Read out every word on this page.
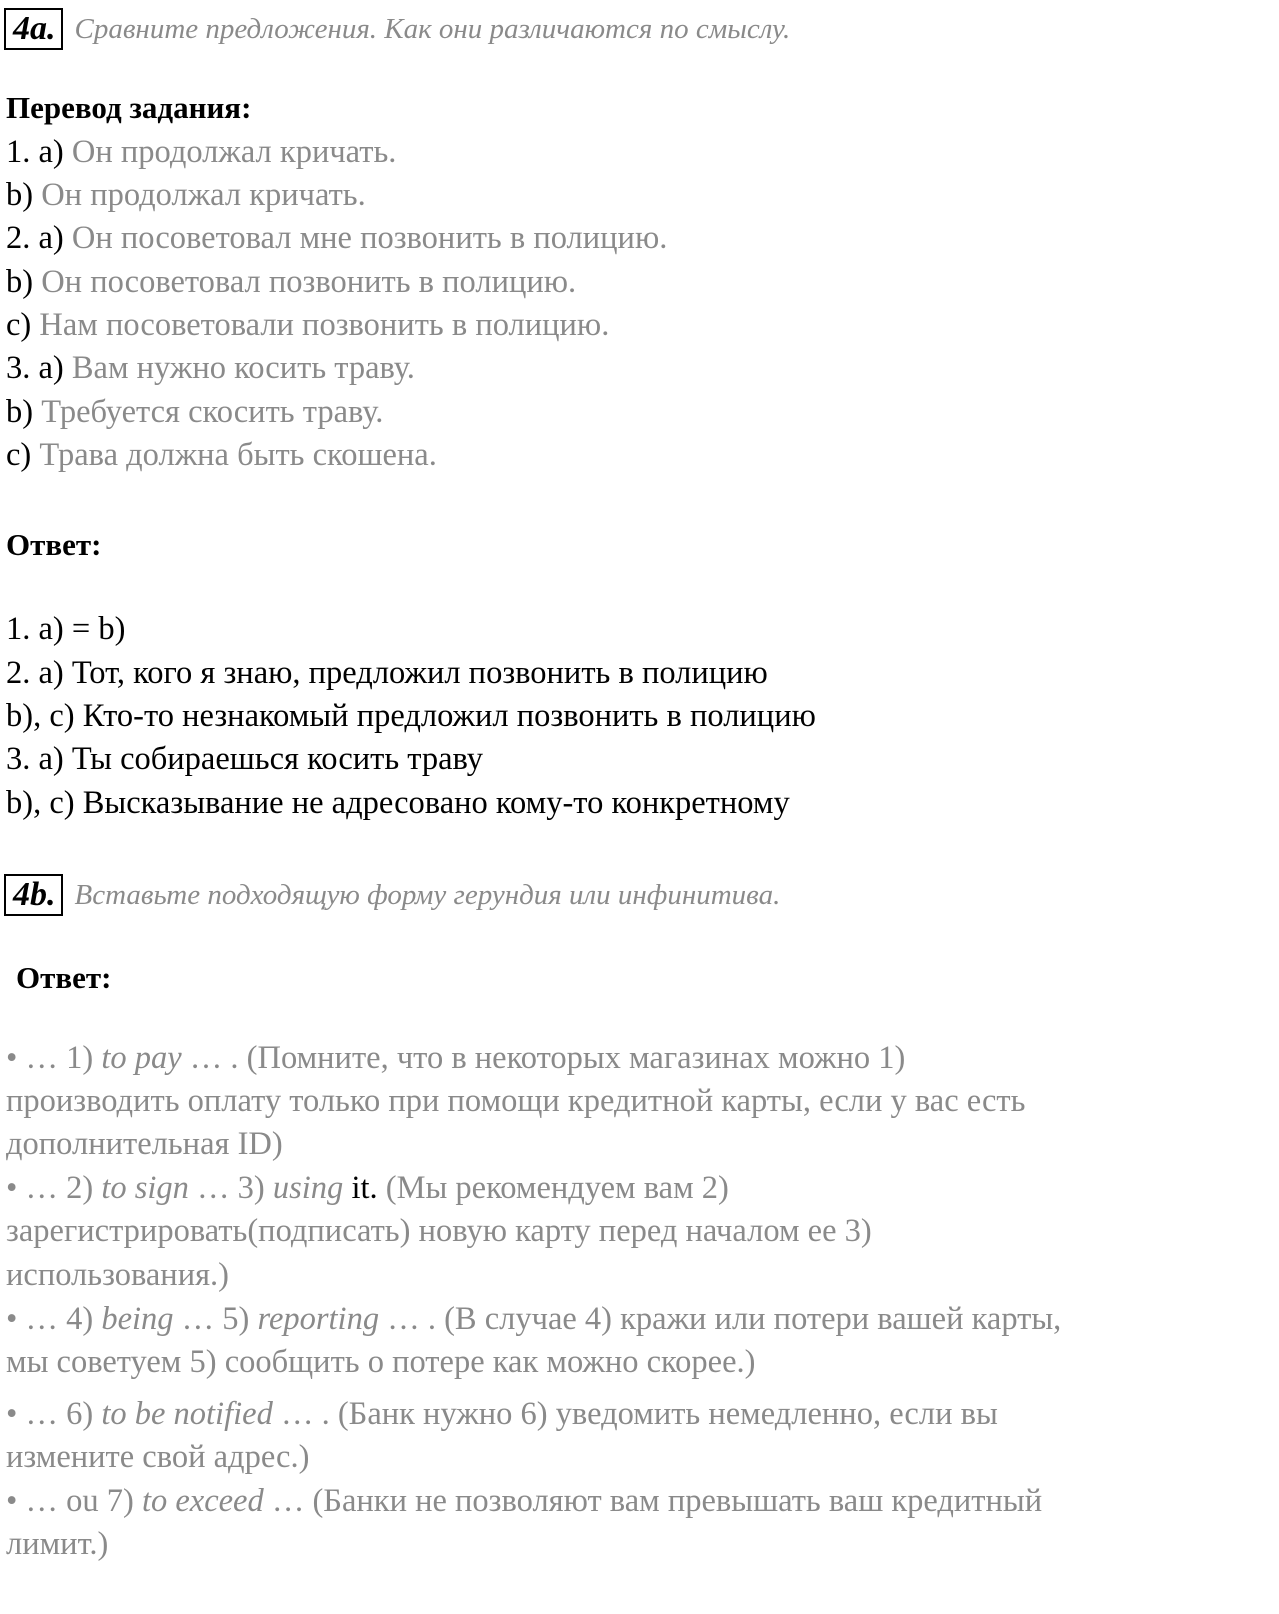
4a. Сравните предложения. Как они различаются по смыслу.
Перевод задания:
1. a) Он продолжал кричать.
b) Он продолжал кричать.
2. a) Он посоветовал мне позвонить в полицию.
b) Он посоветовал позвонить в полицию.
c) Нам посоветовали позвонить в полицию.
3. a) Вам нужно косить траву.
b) Требуется скосить траву.
c) Трава должна быть скошена.
Ответ:
1. a) = b)
2. a) Тот, кого я знаю, предложил позвонить в полицию
b), c) Кто-то незнакомый предложил позвонить в полицию
3. a) Ты собираешься косить траву
b), c) Высказывание не адресовано кому-то конкретному
4b. Вставьте подходящую форму герундия или инфинитива.
Ответ:
• … 1) to pay … . (Помните, что в некоторых магазинах можно 1)
производить оплату только при помощи кредитной карты, если у вас есть
дополнительная ID)
• … 2) to sign … 3) using it. (Мы рекомендуем вам 2)
зарегистрировать(подписать) новую карту перед началом ее 3)
использования.)
• … 4) being … 5) reporting … . (В случае 4) кражи или потери вашей карты,
мы советуем 5) сообщить о потере как можно скорее.)
• … 6) to be notified … . (Банк нужно 6) уведомить немедленно, если вы
измените свой адрес.)
• … ou 7) to exceed … (Банки не позволяют вам превышать ваш кредитный
лимит.)
